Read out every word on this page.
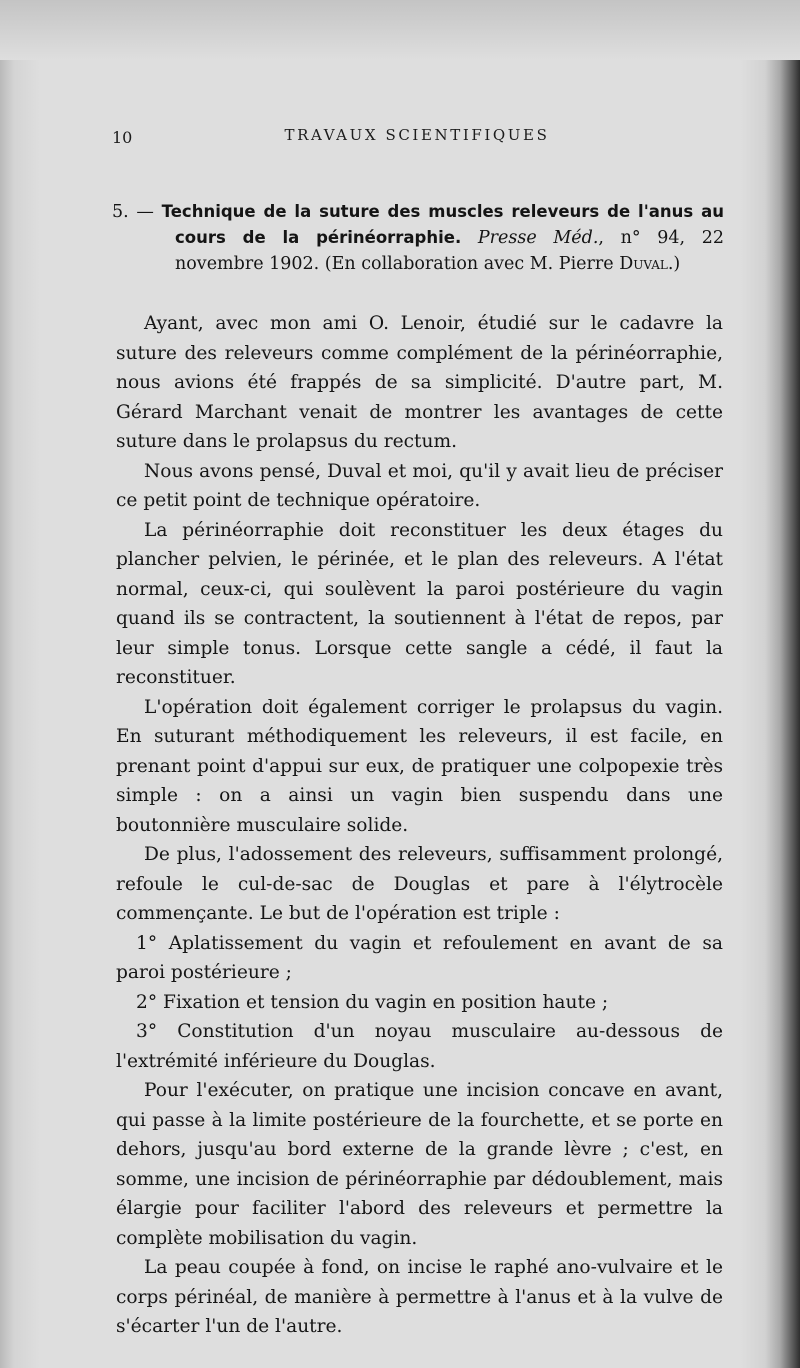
10	TRAVAUX SCIENTIFIQUES

5. — Technique de la suture des muscles releveurs de l'anus au cours de la périnéorraphie. Presse Méd., n° 94, 22 novembre 1902. (En collaboration avec M. Pierre Duval.)

Ayant, avec mon ami O. Lenoir, étudié sur le cadavre la suture des releveurs comme complément de la périnéorraphie, nous avions été frappés de sa simplicité. D'autre part, M. Gérard Marchant venait de montrer les avantages de cette suture dans le prolapsus du rectum.

Nous avons pensé, Duval et moi, qu'il y avait lieu de préciser ce petit point de technique opératoire.

La périnéorraphie doit reconstituer les deux étages du plancher pelvien, le périnée, et le plan des releveurs. A l'état normal, ceux-ci, qui soulèvent la paroi postérieure du vagin quand ils se contractent, la soutiennent à l'état de repos, par leur simple tonus. Lorsque cette sangle a cédé, il faut la reconstituer.

L'opération doit également corriger le prolapsus du vagin. En suturant méthodiquement les releveurs, il est facile, en prenant point d'appui sur eux, de pratiquer une colpopexie très simple : on a ainsi un vagin bien suspendu dans une boutonnière musculaire solide.

De plus, l'adossement des releveurs, suffisamment prolongé, refoule le cul-de-sac de Douglas et pare à l'élytrocèle commençante. Le but de l'opération est triple :

1° Aplatissement du vagin et refoulement en avant de sa paroi postérieure ;

2° Fixation et tension du vagin en position haute ;

3° Constitution d'un noyau musculaire au-dessous de l'extrémité inférieure du Douglas.

Pour l'exécuter, on pratique une incision concave en avant, qui passe à la limite postérieure de la fourchette, et se porte en dehors, jusqu'au bord externe de la grande lèvre ; c'est, en somme, une incision de périnéorraphie par dédoublement, mais élargie pour faciliter l'abord des releveurs et permettre la complète mobilisation du vagin.

La peau coupée à fond, on incise le raphé ano-vulvaire et le corps périnéal, de manière à permettre à l'anus et à la vulve de s'écarter l'un de l'autre.
